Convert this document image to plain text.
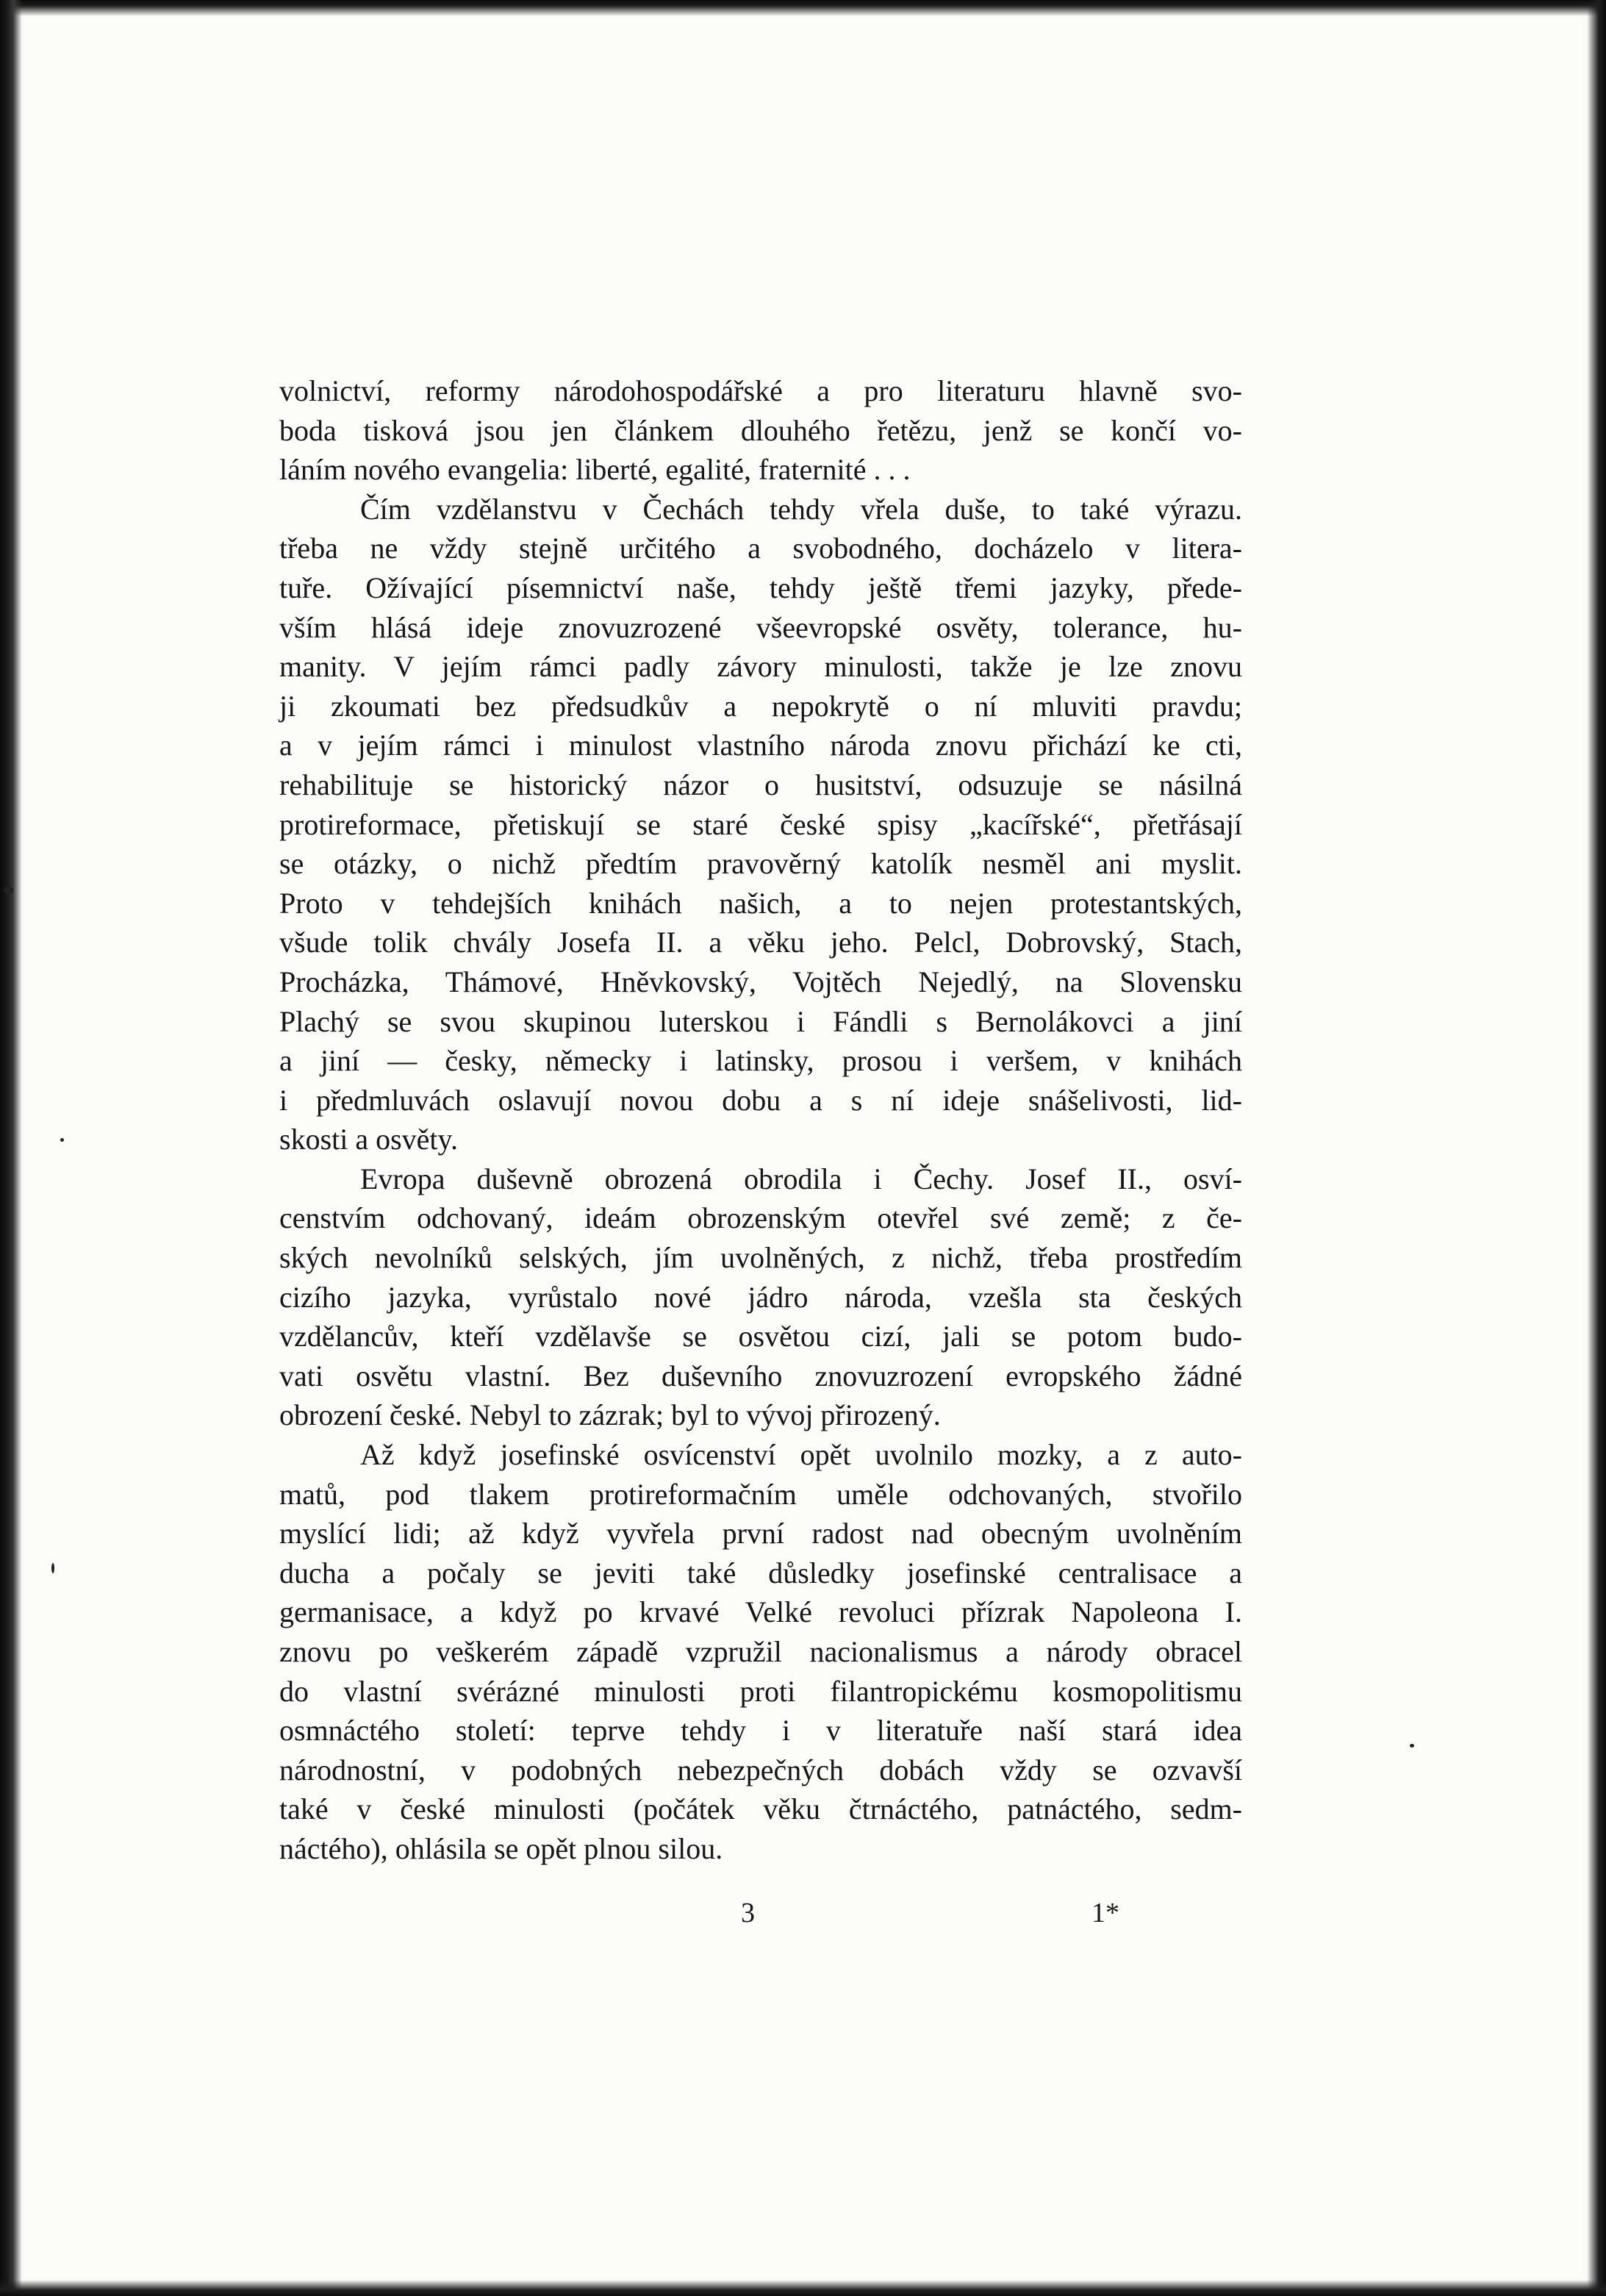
volnictví, reformy národohospodářské a pro literaturu hlavně svo-
boda tisková jsou jen článkem dlouhého řetězu, jenž se končí vo-
láním nového evangelia: liberté, egalité, fraternité . . .
Čím vzdělanstvu v Čechách tehdy vřela duše, to také výrazu.
třeba ne vždy stejně určitého a svobodného, docházelo v litera-
tuře. Ožívající písemnictví naše, tehdy ještě třemi jazyky, přede-
vším hlásá ideje znovuzrozené všeevropské osvěty, tolerance, hu-
manity. V jejím rámci padly závory minulosti, takže je lze znovu
ji zkoumati bez předsudkův a nepokrytě o ní mluviti pravdu;
a v jejím rámci i minulost vlastního národa znovu přichází ke cti,
rehabilituje se historický názor o husitství, odsuzuje se násilná
protireformace, přetiskují se staré české spisy „kacířské“, přetřásají
se otázky, o nichž předtím pravověrný katolík nesměl ani myslit.
Proto v tehdejších knihách našich, a to nejen protestantských,
všude tolik chvály Josefa II. a věku jeho. Pelcl, Dobrovský, Stach,
Procházka, Thámové, Hněvkovský, Vojtěch Nejedlý, na Slovensku
Plachý se svou skupinou luterskou i Fándli s Bernolákovci a jiní
a jiní — česky, německy i latinsky, prosou i veršem, v knihách
i předmluvách oslavují novou dobu a s ní ideje snášelivosti, lid-
skosti a osvěty.
Evropa duševně obrozená obrodila i Čechy. Josef II., osví-
censtvím odchovaný, ideám obrozenským otevřel své země; z če-
ských nevolníků selských, jím uvolněných, z nichž, třeba prostředím
cizího jazyka, vyrůstalo nové jádro národa, vzešla sta českých
vzdělancův, kteří vzdělavše se osvětou cizí, jali se potom budo-
vati osvětu vlastní. Bez duševního znovuzrození evropského žádné
obrození české. Nebyl to zázrak; byl to vývoj přirozený.
Až když josefinské osvícenství opět uvolnilo mozky, a z auto-
matů, pod tlakem protireformačním uměle odchovaných, stvořilo
myslící lidi; až když vyvřela první radost nad obecným uvolněním
ducha a počaly se jeviti také důsledky josefinské centralisace a
germanisace, a když po krvavé Velké revoluci přízrak Napoleona I.
znovu po veškerém západě vzpružil nacionalismus a národy obracel
do vlastní svérázné minulosti proti filantropickému kosmopolitismu
osmnáctého století: teprve tehdy i v literatuře naší stará idea
národnostní, v podobných nebezpečných dobách vždy se ozvavší
také v české minulosti (počátek věku čtrnáctého, patnáctého, sedm-
náctého), ohlásila se opět plnou silou.
3	1*
